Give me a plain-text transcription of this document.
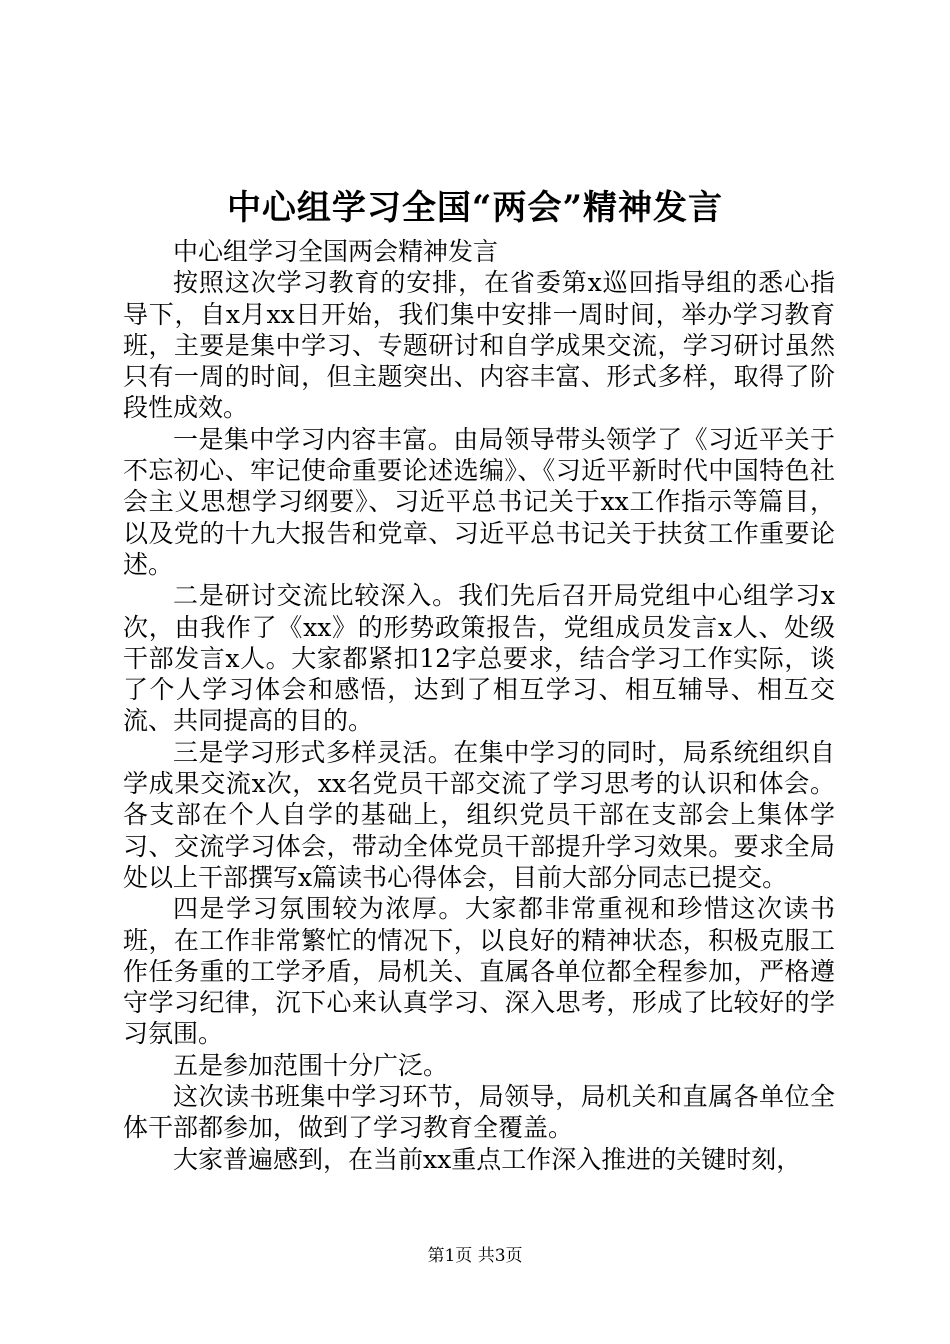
中心组学习全国“两会”精神发言

中心组学习全国两会精神发言

按照这次学习教育的安排，在省委第x巡回指导组的悉心指导下，自x月xx日开始，我们集中安排一周时间，举办学习教育班，主要是集中学习、专题研讨和自学成果交流，学习研讨虽然只有一周的时间，但主题突出、内容丰富、形式多样，取得了阶段性成效。

一是集中学习内容丰富。由局领导带头领学了《习近平关于不忘初心、牢记使命重要论述选编》、《习近平新时代中国特色社会主义思想学习纲要》、习近平总书记关于xx工作指示等篇目，以及党的十九大报告和党章、习近平总书记关于扶贫工作重要论述。

二是研讨交流比较深入。我们先后召开局党组中心组学习x次，由我作了《xx》的形势政策报告，党组成员发言x人、处级干部发言x人。大家都紧扣12字总要求，结合学习工作实际，谈了个人学习体会和感悟，达到了相互学习、相互辅导、相互交流、共同提高的目的。

三是学习形式多样灵活。在集中学习的同时，局系统组织自学成果交流x次，xx名党员干部交流了学习思考的认识和体会。各支部在个人自学的基础上，组织党员干部在支部会上集体学习、交流学习体会，带动全体党员干部提升学习效果。要求全局处以上干部撰写x篇读书心得体会，目前大部分同志已提交。

四是学习氛围较为浓厚。大家都非常重视和珍惜这次读书班，在工作非常繁忙的情况下，以良好的精神状态，积极克服工作任务重的工学矛盾，局机关、直属各单位都全程参加，严格遵守学习纪律，沉下心来认真学习、深入思考，形成了比较好的学习氛围。

五是参加范围十分广泛。

这次读书班集中学习环节，局领导，局机关和直属各单位全体干部都参加，做到了学习教育全覆盖。

大家普遍感到，在当前xx重点工作深入推进的关键时刻，

第1页 共3页
